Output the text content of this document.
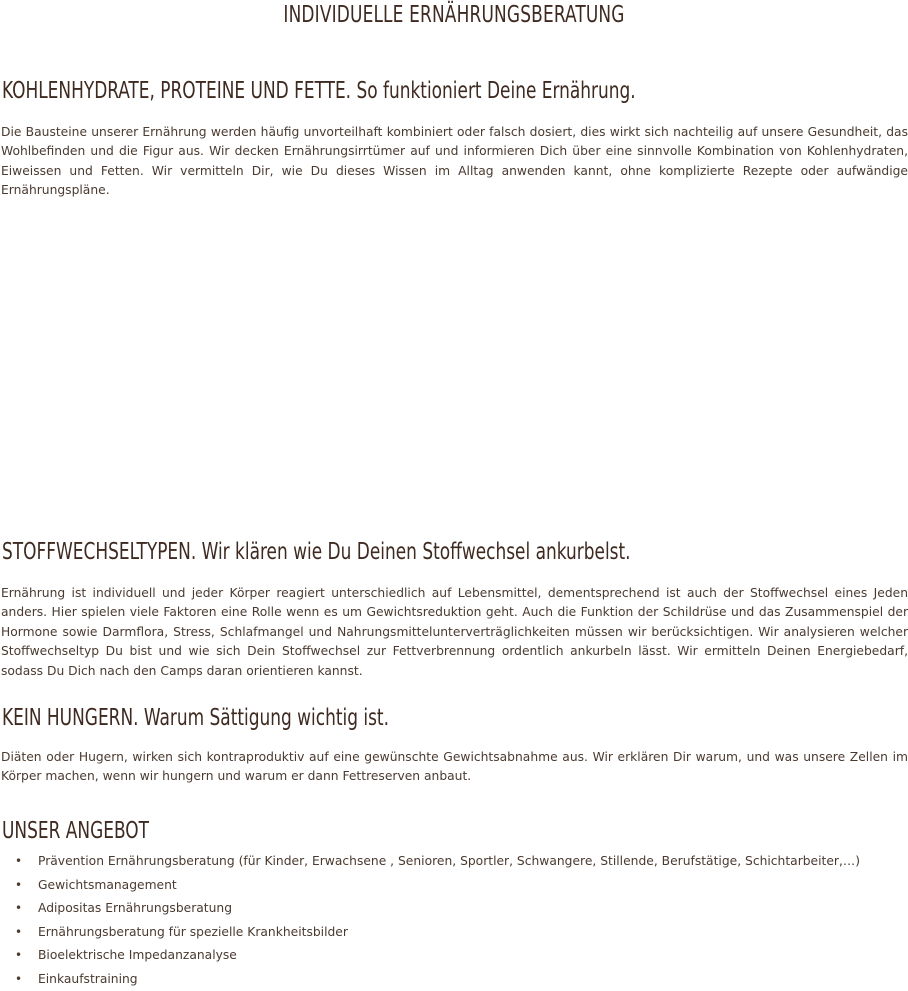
INDIVIDUELLE ERNÄHRUNGSBERATUNG
KOHLENHYDRATE, PROTEINE UND FETTE. So funktioniert Deine Ernährung.

Die Bausteine unserer Ernährung werden häufig unvorteilhaft kombiniert oder falsch dosiert, dies wirkt sich nachteilig auf unsere Gesundheit, das Wohlbefinden und die Figur aus. Wir decken Ernährungsirrtümer auf und informieren Dich über eine sinnvolle Kombination von Kohlenhydraten, Eiweissen und Fetten. Wir vermitteln Dir, wie Du dieses Wissen im Alltag anwenden kannt, ohne komplizierte Rezepte oder aufwändige Ernährungspläne.

STOFFWECHSELTYPEN. Wir klären wie Du Deinen Stoffwechsel ankurbelst.

Ernährung ist individuell und jeder Körper reagiert unterschiedlich auf Lebensmittel, dementsprechend ist auch der Stoffwechsel eines Jeden anders. Hier spielen viele Faktoren eine Rolle wenn es um Gewichtsreduktion geht. Auch die Funktion der Schildrüse und das Zusammenspiel der Hormone sowie Darmflora, Stress, Schlafmangel und Nahrungsmittelunterverträglichkeiten müssen wir berücksichtigen. Wir analysieren welcher Stoffwechseltyp Du bist und wie sich Dein Stoffwechsel zur Fettverbrennung ordentlich ankurbeln lässt. Wir ermitteln Deinen Energiebedarf, sodass Du Dich nach den Camps daran orientieren kannst.

KEIN HUNGERN. Warum Sättigung wichtig ist.

Diäten oder Hugern, wirken sich kontraproduktiv auf eine gewünschte Gewichtsabnahme aus. Wir erklären Dir warum, und was unsere Zellen im Körper machen, wenn wir hungern und warum er dann Fettreserven anbaut.

UNSER ANGEBOT
• Prävention Ernährungsberatung (für Kinder, Erwachsene , Senioren, Sportler, Schwangere, Stillende, Berufstätige, Schichtarbeiter,…)
• Gewichtsmanagement
• Adipositas Ernährungsberatung
• Ernährungsberatung für spezielle Krankheitsbilder
• Bioelektrische Impedanzanalyse
• Einkaufstraining
